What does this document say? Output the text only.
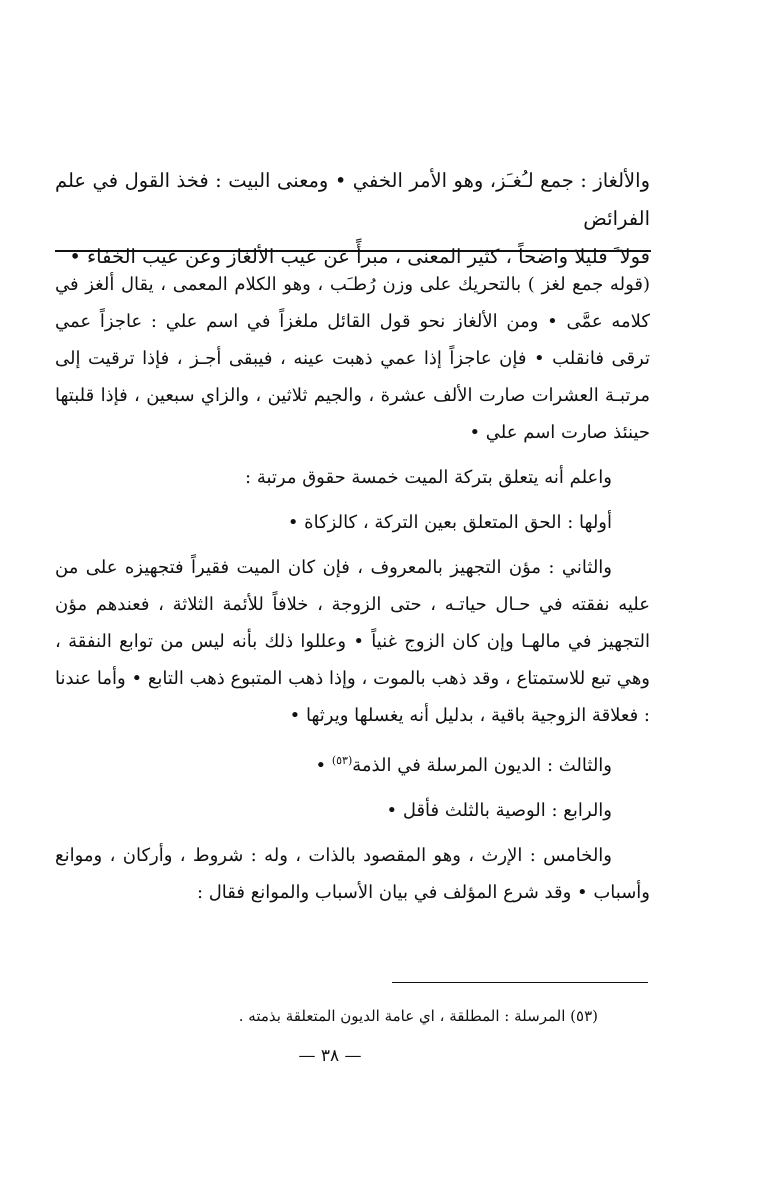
والألغاز : جمع لـُغـَز، وهو الأمر الخفي • ومعنى البيت : فخذ القول في علم الفرائض

قولا ً قليلا واضحاً ، كثير المعنى ، مبرأً عن عيب الألغاز وعن عيب الخفاء •

(قوله جمع لغز ) بالتحريك على وزن رُطـَب ، وهو الكلام المعمى ، يقال ألغز في كلامه عمَّى • ومن الألغاز نحو قول القائل ملغزاً في اسم علي : عاجزاً عمي ترقى فانقلب • فإن عاجزاً إذا عمي ذهبت عينه ، فيبقى أجـز ، فإذا ترقيت إلى مرتبـة العشرات صارت الألف عشرة ، والجيم ثلاثين ، والزاي سبعين ، فإذا قلبتها حينئذ صارت اسم علي •

واعلم أنه يتعلق بتركة الميت خمسة حقوق مرتبة :

أولها : الحق المتعلق بعين التركة ، كالزكاة •

والثاني : مؤن التجهيز بالمعروف ، فإن كان الميت فقيراً فتجهيزه على من عليه نفقته في حـال حياتـه ، حتى الزوجة ، خلافاً للأئمة الثلاثة ، فعندهم مؤن التجهيز في مالهـا وإن كان الزوج غنياً • وعللوا ذلك بأنه ليس من توابع النفقة ، وهي تبع للاستمتاع ، وقد ذهب بالموت ، وإذا ذهب المتبوع ذهب التابع • وأما عندنا : فعلاقة الزوجية باقية ، بدليل أنه يغسلها ويرثها •

والثالث : الديون المرسلة في الذمة$^{(٥٣)}$ •

والرابع : الوصية بالثلث فأقل •

والخامس : الإرث ، وهو المقصود بالذات ، وله : شروط ، وأركان ، وموانع وأسباب • وقد شرع المؤلف في بيان الأسباب والموانع فقال :

(٥٣) المرسلة : المطلقة ، اي عامة الديون المتعلقة بذمته .
— ٣٨ —
